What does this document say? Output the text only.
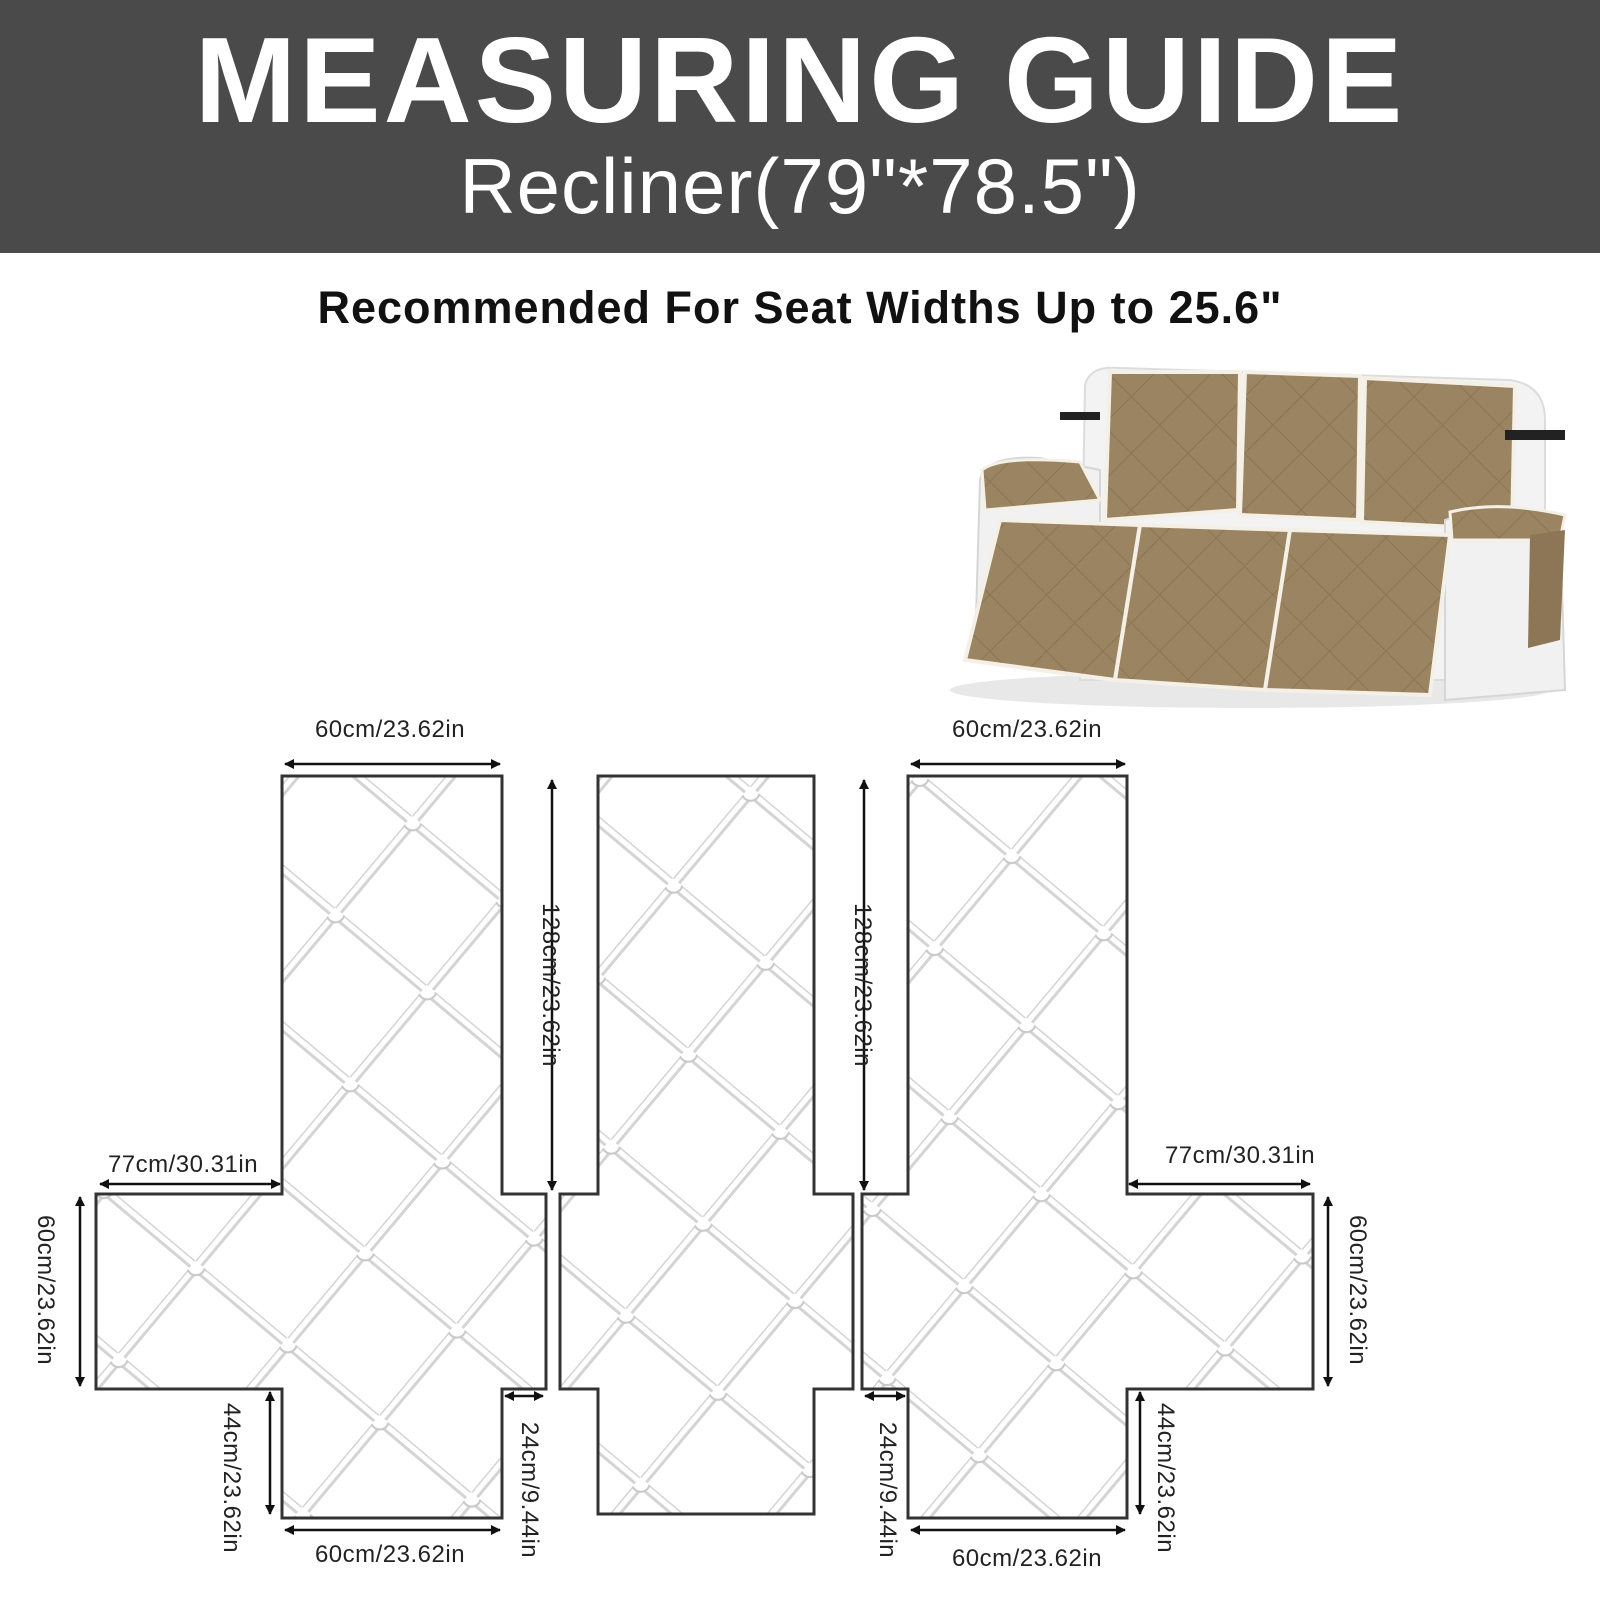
MEASURING GUIDE
Recliner(79"*78.5")
Recommended For Seat Widths Up to 25.6"
60cm/23.62in	60cm/23.62in
77cm/30.31in	77cm/30.31in
60cm/23.62in	60cm/23.62in
128cm/23.62in	128cm/23.62in
60cm/23.62in	60cm/23.62in
44cm/23.62in	44cm/23.62in
24cm/9.44in	24cm/9.44in
